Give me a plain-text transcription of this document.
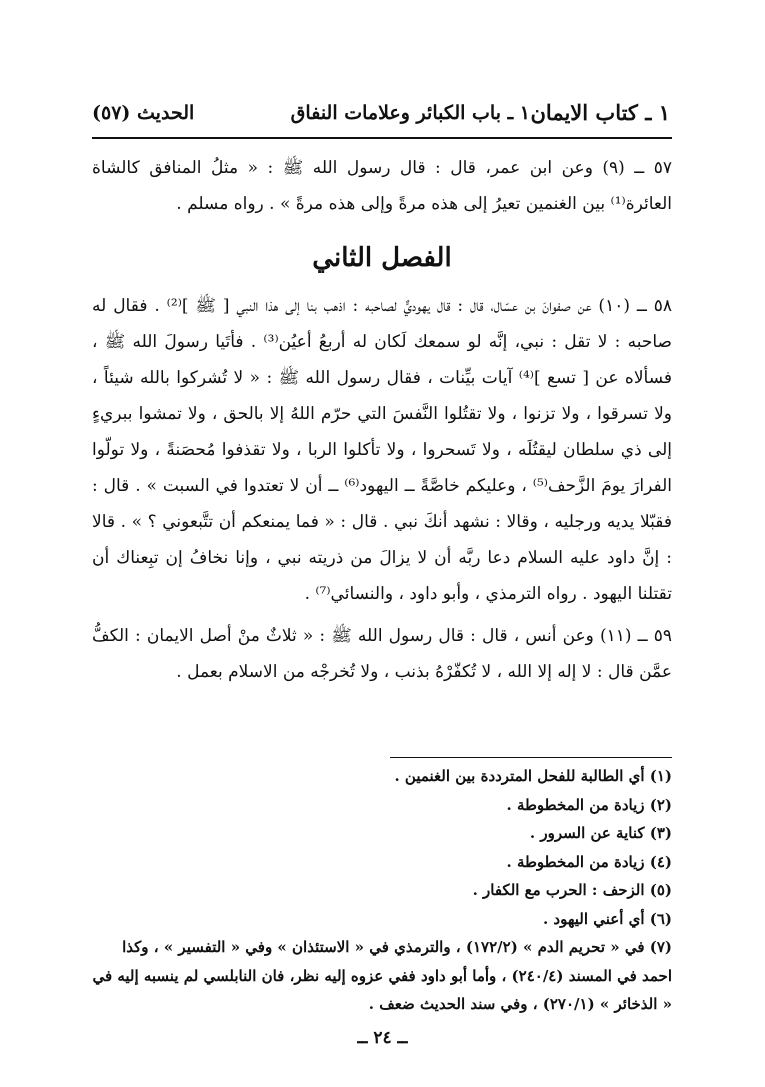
١ ـ كتاب الايمان
١ ـ باب الكبائر وعلامات النفاق
الحديث (٥٧)

٥٧ ــ (٩) وعن ابن عمر، قال : قال رسول الله ﷺ : « مثلُ المنافق كالشاة العائرة⁽¹⁾ بين الغنمين تعيرُ إلى هذه مرةً وإلى هذه مرةً » . رواه مسلم .

الفصل الثاني

٥٨ ــ (١٠) عن صفوانَ بن عسّال، قال : قال يهوديٌّ لصاحبه : اذهب بنا إلى هذا النبي [ ﷺ ]⁽²⁾ . فقال له صاحبه : لا تقل : نبي، إنَّه لو سمعك لَكان له أربعُ أعيُن⁽³⁾ . فأتَيا رسولَ الله ﷺ ، فسألاه عن [ تسع ]⁽⁴⁾ آيات بيِّنات ، فقال رسول الله ﷺ : « لا تُشركوا بالله شيئاً ، ولا تسرقوا ، ولا تزنوا ، ولا تقتُلوا النَّفسَ التي حرّم اللهُ إلا بالحق ، ولا تمشوا ببريءٍ إلى ذي سلطان ليقتُلَه ، ولا تَسحروا ، ولا تأكلوا الربا ، ولا تقذفوا مُحصَنةً ، ولا تولّوا الفرارَ يومَ الزَّحف⁽⁵⁾ ، وعليكم خاصَّةً ــ اليهود⁽⁶⁾ ــ أن لا تعتدوا في السبت » . قال : فقبّلا يديه ورجليه ، وقالا : نشهد أنكَ نبي . قال : « فما يمنعكم أن تتَّبعوني ؟ » . قالا : إنَّ داود عليه السلام دعا ربَّه أن لا يزالَ من ذريته نبي ، وإنا نخافُ إن تبِعناك أن تقتلنا اليهود . رواه الترمذي ، وأبو داود ، والنسائي⁽⁷⁾ .

٥٩ ــ (١١) وعن أنس ، قال : قال رسول الله ﷺ : « ثلاثٌ منْ أصل الايمان : الكفُّ عمَّن قال : لا إله إلا الله ، لا تُكفّرْهُ بذنب ، ولا تُخرجْه من الاسلام بعمل .

(١) أي الطالبة للفحل المترددة بين الغنمين .
(٢) زيادة من المخطوطة .
(٣) كناية عن السرور .
(٤) زيادة من المخطوطة .
(٥) الزحف : الحرب مع الكفار .
(٦) أي أعني اليهود .
(٧) في « تحريم الدم » (١٧٢/٢) ، والترمذي في « الاستئذان » وفي « التفسير » ، وكذا احمد في المسند (٢٤٠/٤) ، وأما أبو داود ففي عزوه إليه نظر، فان النابلسي لم ينسبه إليه في « الذخائر » (٢٧٠/١) ، وفي سند الحديث ضعف .
ــ ٢٤ ــ
